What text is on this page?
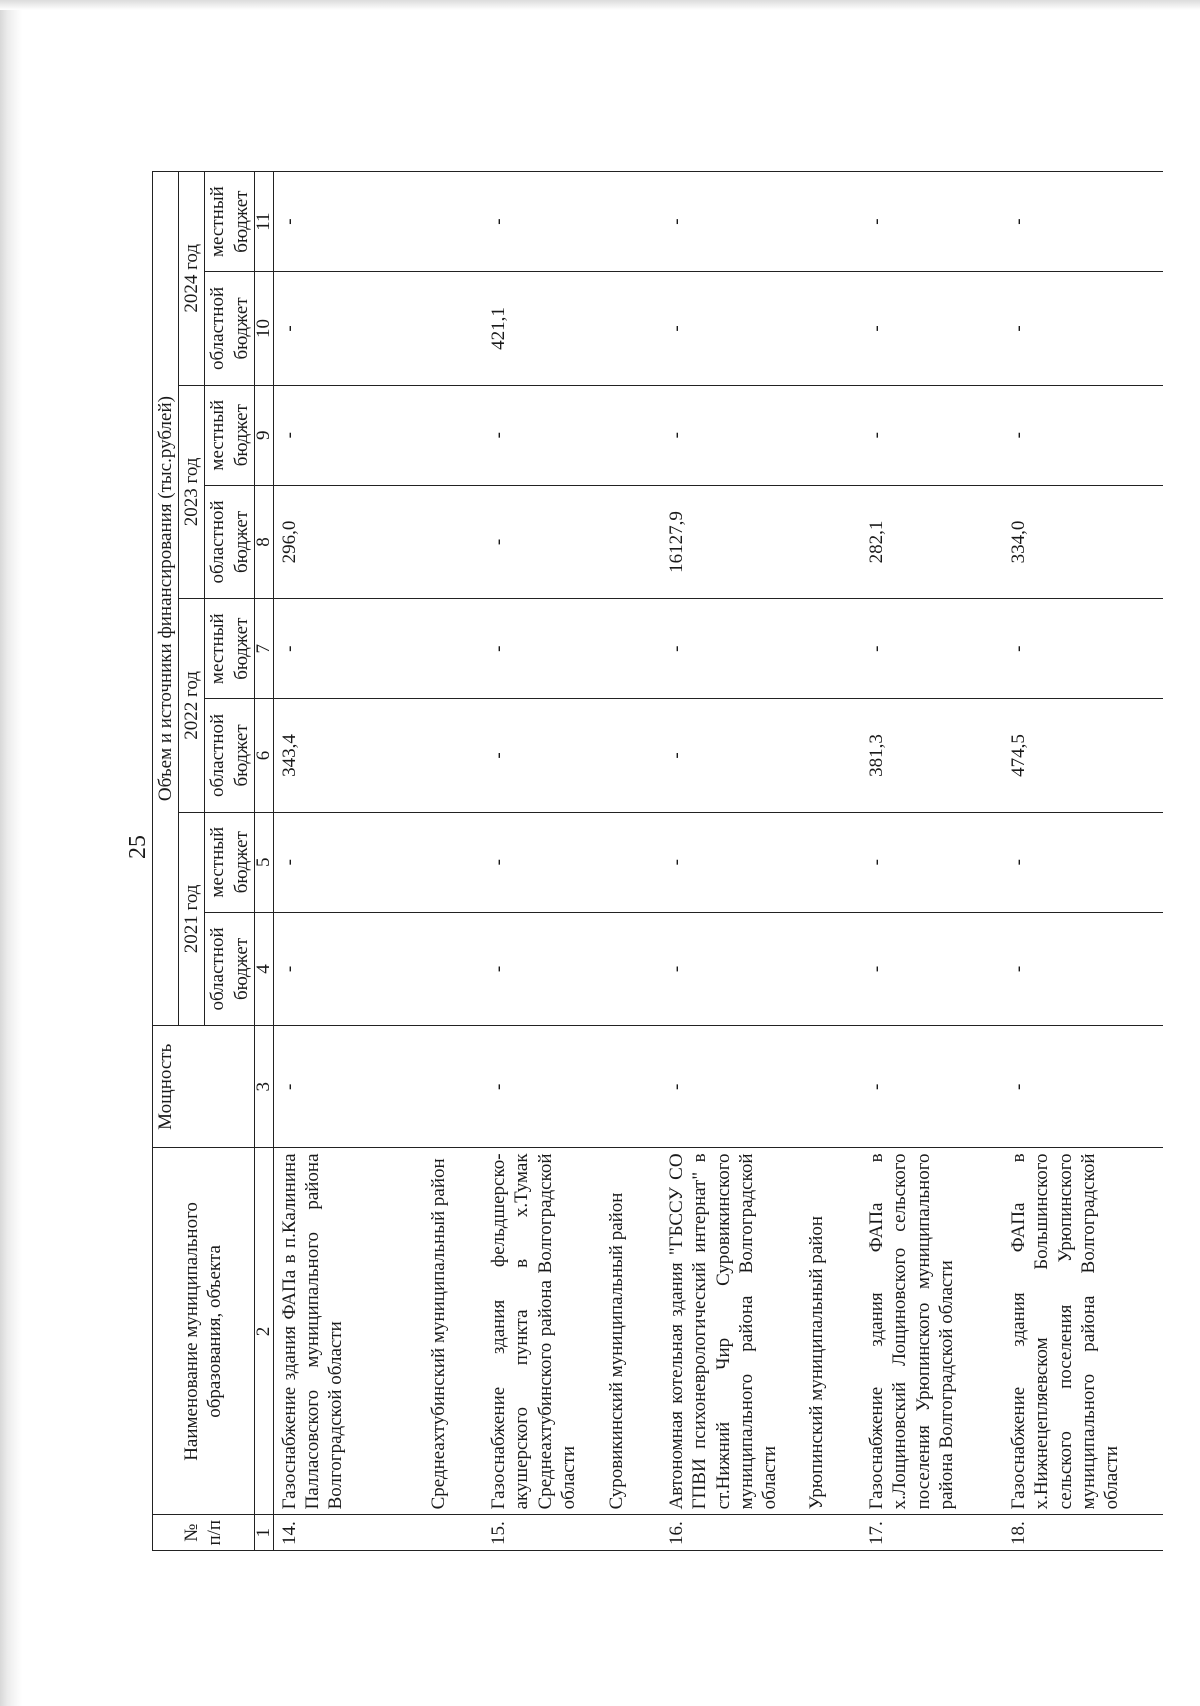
25
№ п/п	Наименование муниципального образования, объекта	Мощность	Объем и источники финансирования (тыс.рублей)							
			2021 год		2022 год		2023 год		2024 год	
			областной бюджет	местный бюджет	областной бюджет	местный бюджет	областной бюджет	местный бюджет	областной бюджет	местный бюджет
1	2	3	4	5	6	7	8	9	10	11
14.	Газоснабжение здания ФАПа в п.Калинина Палласовского муниципального района Волгоградской области	-	-	-	343,4	-	296,0	-	-	-
	Среднеахтубинский муниципальный район									
15.	Газоснабжение здания фельдшерско-акушерского пункта в х.Тумак Среднеахтубинского района Волгоградской области	-	-	-	-	-	-	-	421,1	-
	Суровикинский муниципальный район									
16.	Автономная котельная здания "ГБССУ СО ГПВИ психоневрологический интернат" в ст.Нижний Чир Суровикинского муниципального района Волгоградской области	-	-	-	-	-	16127,9	-	-	-
	Урюпинский муниципальный район									
17.	Газоснабжение здания ФАПа в х.Лощиновский Лощиновского сельского поселения Урюпинского муниципального района Волгоградской области	-	-	-	381,3	-	282,1	-	-	-
18.	Газоснабжение здания ФАПа в х.Нижнецепляевском Большинского сельского поселения Урюпинского муниципального района Волгоградской области	-	-	-	474,5	-	334,0	-	-	-
